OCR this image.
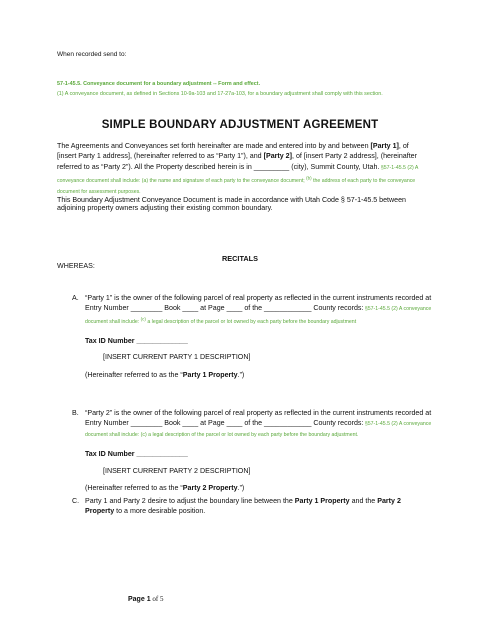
When recorded send to:
57-1-45.5. Conveyance document for a boundary adjustment -- Form and effect.
(1) A conveyance document, as defined in Sections 10-9a-103 and 17-27a-103, for a boundary adjustment shall comply with this section.
SIMPLE BOUNDARY ADJUSTMENT AGREEMENT
The Agreements and Conveyances set forth hereinafter are made and entered into by and between [Party 1], of [insert Party 1 address], (hereinafter referred to as “Party 1”), and [Party 2], of [insert Party 2 address], (hereinafter referred to as “Party 2”). All the Property described herein is in _________ (city), Summit County, Utah. §57-1-45.5 (2) A conveyance document shall include: (a) the name and signature of each party to the conveyance document; $^{(b)}$ the address of each party to the conveyance document for assessment purposes.
This Boundary Adjustment Conveyance Document is made in accordance with Utah Code § 57-1-45.5 between adjoining property owners adjusting their existing common boundary.
RECITALS
WHEREAS:
A. “Party 1” is the owner of the following parcel of real property as reflected in the current instruments recorded at Entry Number ________ Book ____ at Page ____ of the ____________ County records: §57-1-45.5 (2) A conveyance document shall include: $^{(c)}$ a legal description of the parcel or lot owned by each party before the boundary adjustment
Tax ID Number _____________
[INSERT CURRENT PARTY 1 DESCRIPTION]
(Hereinafter referred to as the “Party 1 Property.”)
B. “Party 2” is the owner of the following parcel of real property as reflected in the current instruments recorded at Entry Number ________ Book ____ at Page ____ of the ____________ County records: §57-1-45.5 (2) A conveyance document shall include: (c) a legal description of the parcel or lot owned by each party before the boundary adjustment.
Tax ID Number _____________
[INSERT CURRENT PARTY 2 DESCRIPTION]
(Hereinafter referred to as the “Party 2 Property.”)
C. Party 1 and Party 2 desire to adjust the boundary line between the Party 1 Property and the Party 2 Property to a more desirable position.
Page 1 of 5
